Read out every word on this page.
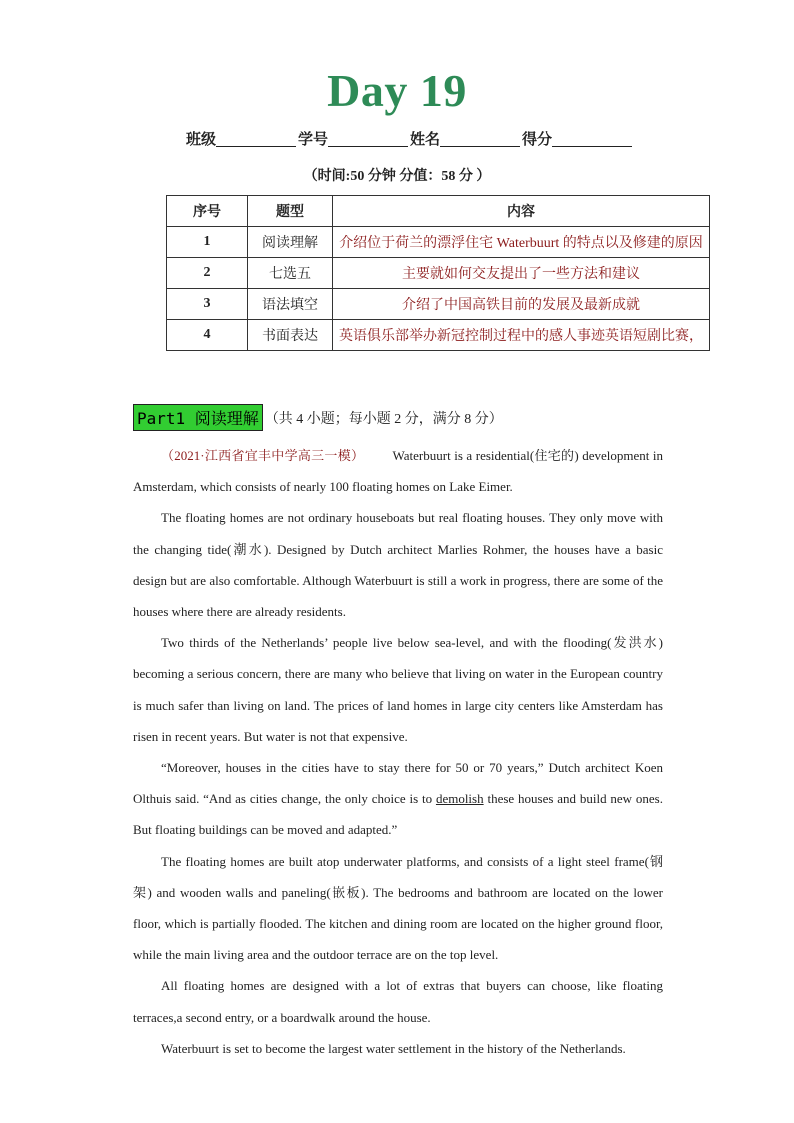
Day 19
班级	学号	姓名	得分
（时间:50 分钟 分值：58 分 ）
序号	题型	内容
1	阅读理解	介绍位于荷兰的漂浮住宅 Waterbuurt 的特点以及修建的原因
2	七选五	主要就如何交友提出了一些方法和建议
3	语法填空	介绍了中国高铁目前的发展及最新成就
4	书面表达	英语俱乐部举办新冠控制过程中的感人事迹英语短剧比赛，
Part1 阅读理解 （共 4 小题；每小题 2 分，满分 8 分）

（2021·江西省宜丰中学高三一模） Waterbuurt is a residential(住宅的) development in Amsterdam, which consists of nearly 100 floating homes on Lake Eimer.

The floating homes are not ordinary houseboats but real floating houses. They only move with the changing tide(潮水). Designed by Dutch architect Marlies Rohmer, the houses have a basic design but are also comfortable. Although Waterbuurt is still a work in progress, there are some of the houses where there are already residents.

Two thirds of the Netherlands’ people live below sea-level, and with the flooding(发洪水) becoming a serious concern, there are many who believe that living on water in the European country is much safer than living on land. The prices of land homes in large city centers like Amsterdam has risen in recent years. But water is not that expensive.

“Moreover, houses in the cities have to stay there for 50 or 70 years,” Dutch architect Koen Olthuis said. “And as cities change, the only choice is to demolish these houses and build new ones. But floating buildings can be moved and adapted.”

The floating homes are built atop underwater platforms, and consists of a light steel frame(钢架) and wooden walls and paneling(嵌板). The bedrooms and bathroom are located on the lower floor, which is partially flooded. The kitchen and dining room are located on the higher ground floor, while the main living area and the outdoor terrace are on the top level.

All floating homes are designed with a lot of extras that buyers can choose, like floating terraces,a second entry, or a boardwalk around the house.

Waterbuurt is set to become the largest water settlement in the history of the Netherlands.
